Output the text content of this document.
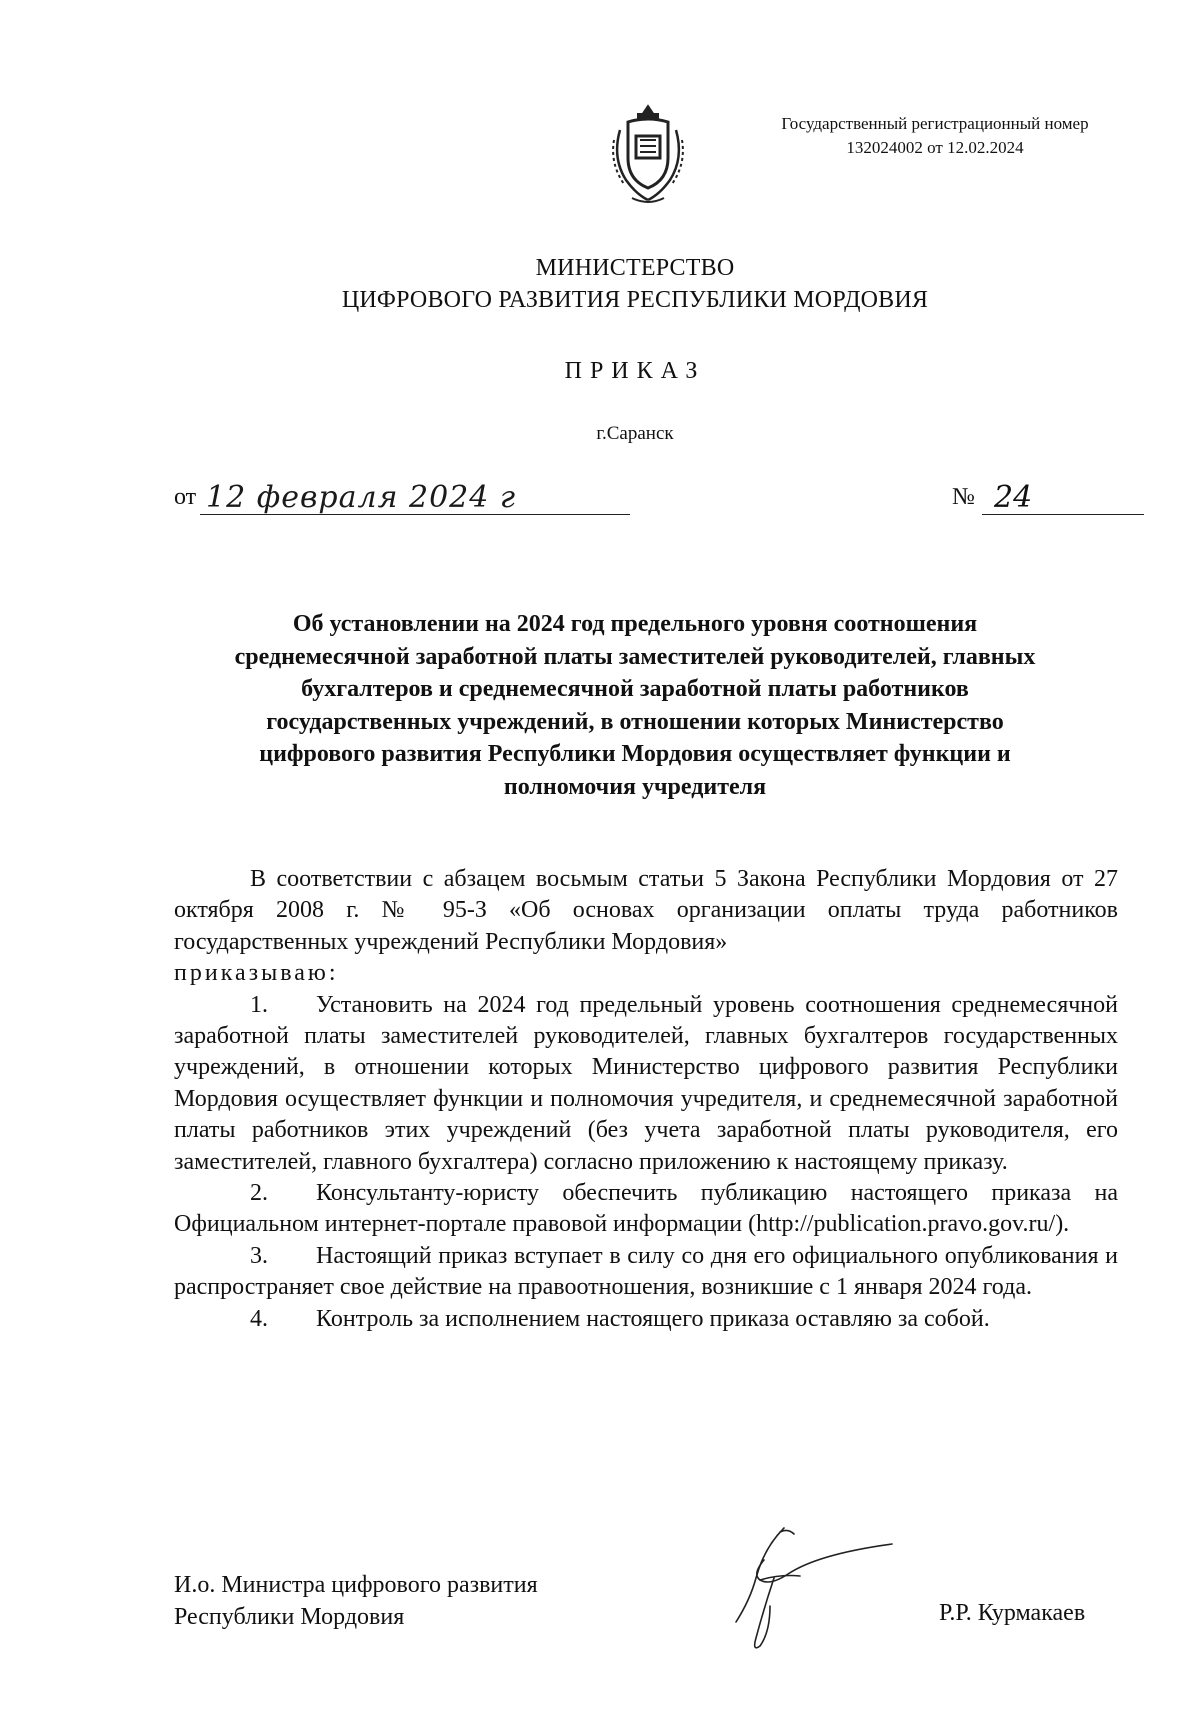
Государственный регистрационный номер
132024002 от 12.02.2024
МИНИСТЕРСТВО
ЦИФРОВОГО РАЗВИТИЯ РЕСПУБЛИКИ МОРДОВИЯ
ПРИКАЗ
г.Саранск
от 12 февраля 2024 г	№ 24
Об установлении на 2024 год предельного уровня соотношения среднемесячной заработной платы заместителей руководителей, главных бухгалтеров и среднемесячной заработной платы работников государственных учреждений, в отношении которых Министерство цифрового развития Республики Мордовия осуществляет функции и полномочия учредителя

В соответствии с абзацем восьмым статьи 5 Закона Республики Мордовия от 27 октября 2008 г. № 95-З «Об основах организации оплаты труда работников государственных учреждений Республики Мордовия»
приказываю:

1. Установить на 2024 год предельный уровень соотношения среднемесячной заработной платы заместителей руководителей, главных бухгалтеров государственных учреждений, в отношении которых Министерство цифрового развития Республики Мордовия осуществляет функции и полномочия учредителя, и среднемесячной заработной платы работников этих учреждений (без учета заработной платы руководителя, его заместителей, главного бухгалтера) согласно приложению к настоящему приказу.

2. Консультанту-юристу обеспечить публикацию настоящего приказа на Официальном интернет-портале правовой информации (http://publication.pravo.gov.ru/).

3. Настоящий приказ вступает в силу со дня его официального опубликования и распространяет свое действие на правоотношения, возникшие с 1 января 2024 года.

4. Контроль за исполнением настоящего приказа оставляю за собой.

И.о. Министра цифрового развития
Республики Мордовия	Р.Р. Курмакаев
